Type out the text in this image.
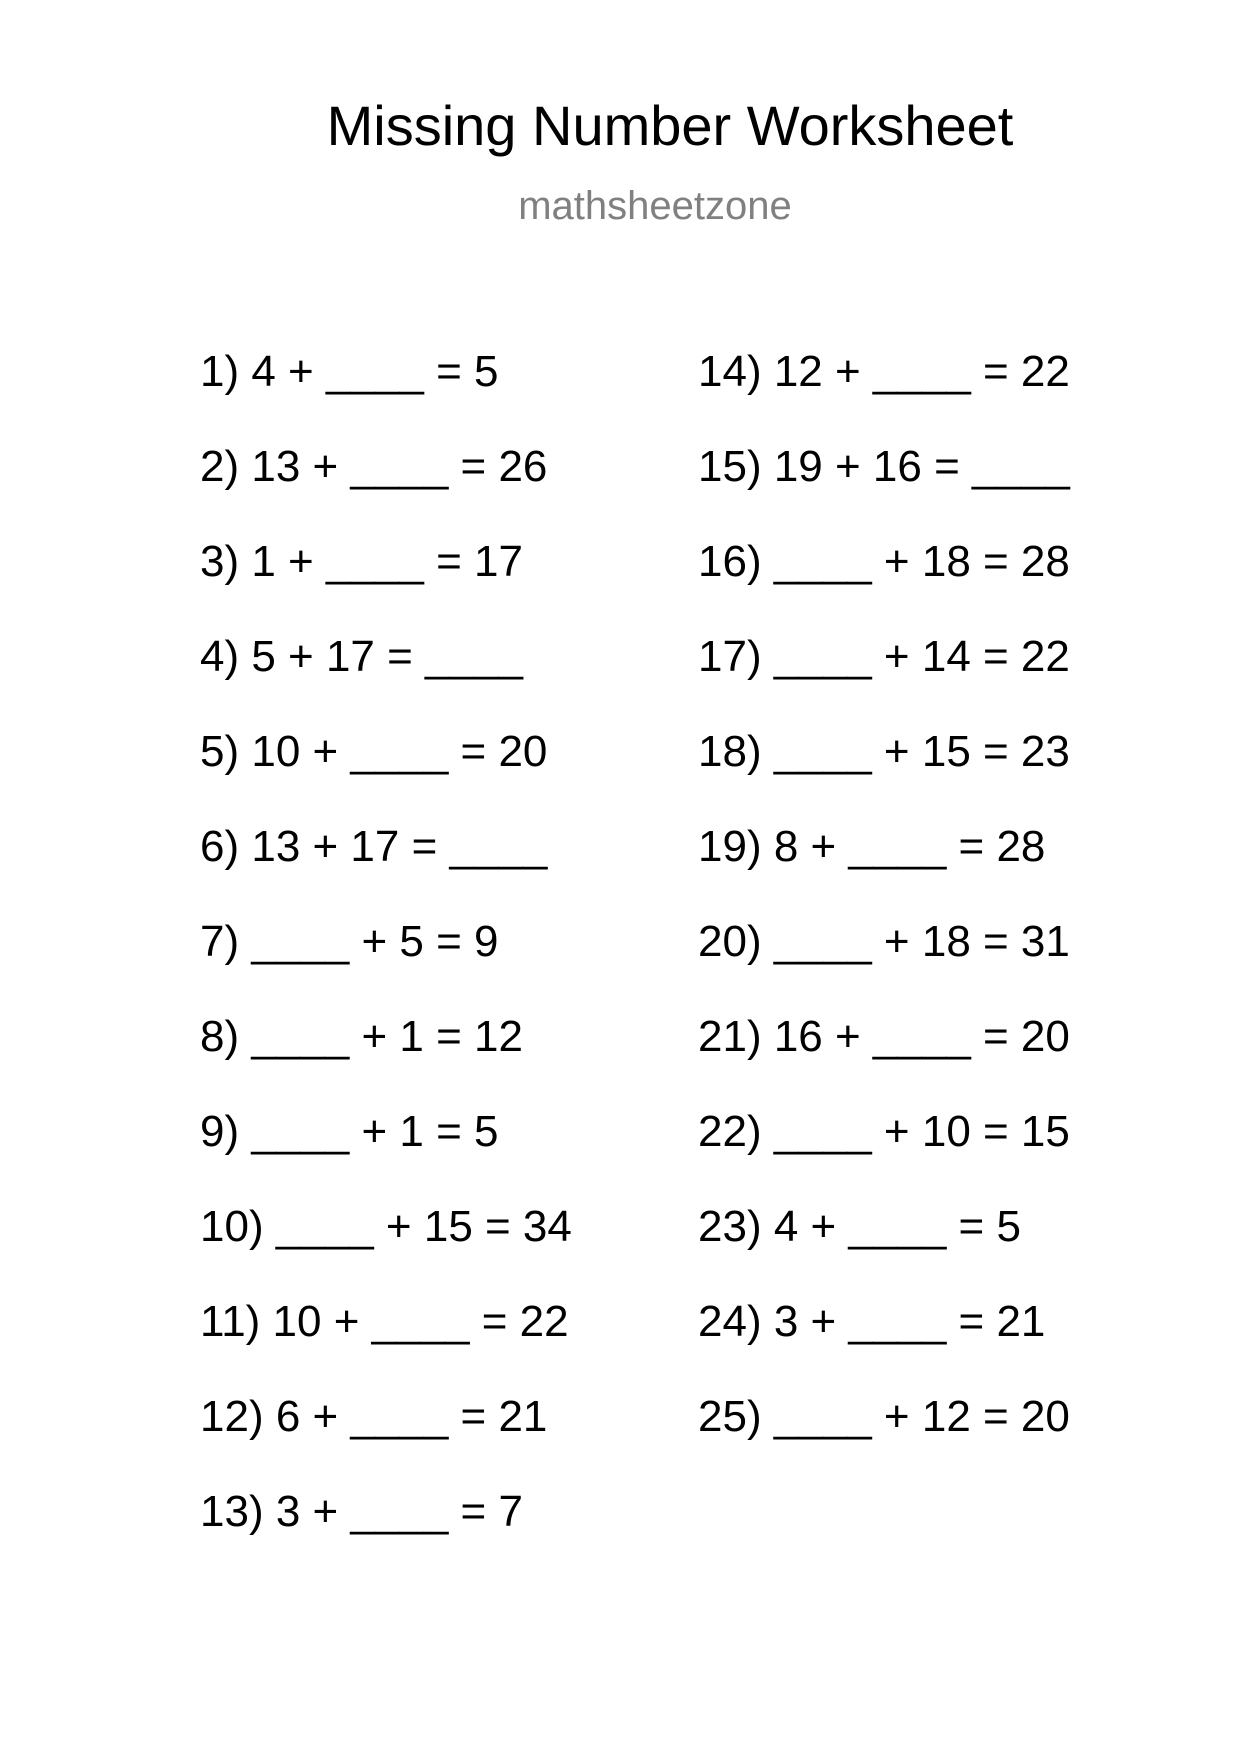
Missing Number Worksheet
mathsheetzone
1) 4 + ____ = 5
2) 13 + ____ = 26
3) 1 + ____ = 17
4) 5 + 17 = ____
5) 10 + ____ = 20
6) 13 + 17 = ____
7) ____ + 5 = 9
8) ____ + 1 = 12
9) ____ + 1 = 5
10) ____ + 15 = 34
11) 10 + ____ = 22
12) 6 + ____ = 21
13) 3 + ____ = 7
14) 12 + ____ = 22
15) 19 + 16 = ____
16) ____ + 18 = 28
17) ____ + 14 = 22
18) ____ + 15 = 23
19) 8 + ____ = 28
20) ____ + 18 = 31
21) 16 + ____ = 20
22) ____ + 10 = 15
23) 4 + ____ = 5
24) 3 + ____ = 21
25) ____ + 12 = 20
